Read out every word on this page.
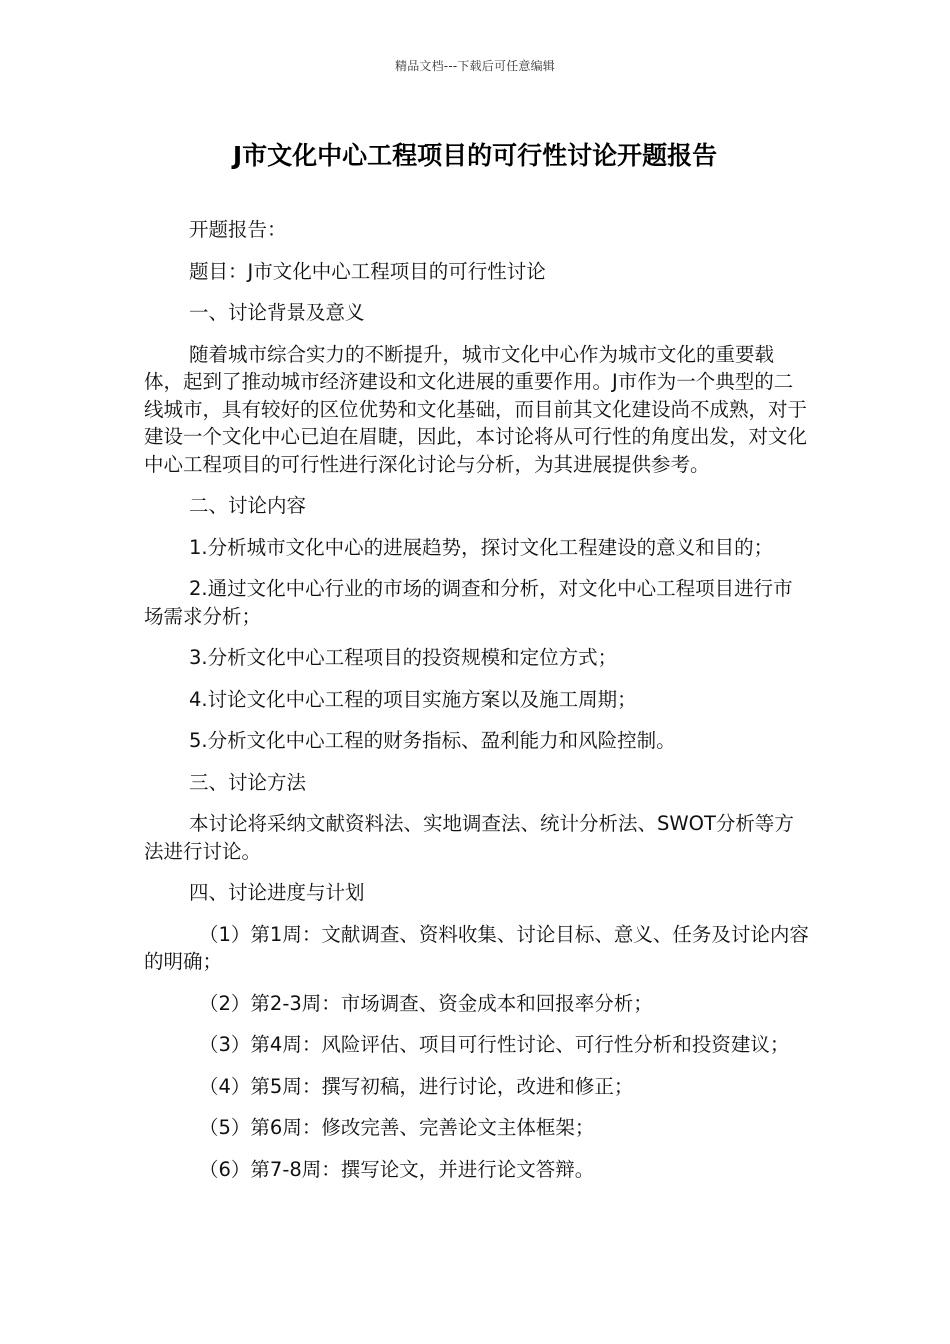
精品文档---下载后可任意编辑
J市文化中心工程项目的可行性讨论开题报告

开题报告：

题目：J市文化中心工程项目的可行性讨论

一、讨论背景及意义

随着城市综合实力的不断提升，城市文化中心作为城市文化的重要载体，起到了推动城市经济建设和文化进展的重要作用。J市作为一个典型的二线城市，具有较好的区位优势和文化基础，而目前其文化建设尚不成熟，对于建设一个文化中心已迫在眉睫，因此，本讨论将从可行性的角度出发，对文化中心工程项目的可行性进行深化讨论与分析，为其进展提供参考。

二、讨论内容

1.分析城市文化中心的进展趋势，探讨文化工程建设的意义和目的；

2.通过文化中心行业的市场的调查和分析，对文化中心工程项目进行市场需求分析；

3.分析文化中心工程项目的投资规模和定位方式；

4.讨论文化中心工程的项目实施方案以及施工周期；

5.分析文化中心工程的财务指标、盈利能力和风险控制。

三、讨论方法

本讨论将采纳文献资料法、实地调查法、统计分析法、SWOT分析等方法进行讨论。

四、讨论进度与计划

（1）第1周：文献调查、资料收集、讨论目标、意义、任务及讨论内容的明确；

（2）第2-3周：市场调查、资金成本和回报率分析；

（3）第4周：风险评估、项目可行性讨论、可行性分析和投资建议；

（4）第5周：撰写初稿，进行讨论，改进和修正；

（5）第6周：修改完善、完善论文主体框架；

（6）第7-8周：撰写论文，并进行论文答辩。
